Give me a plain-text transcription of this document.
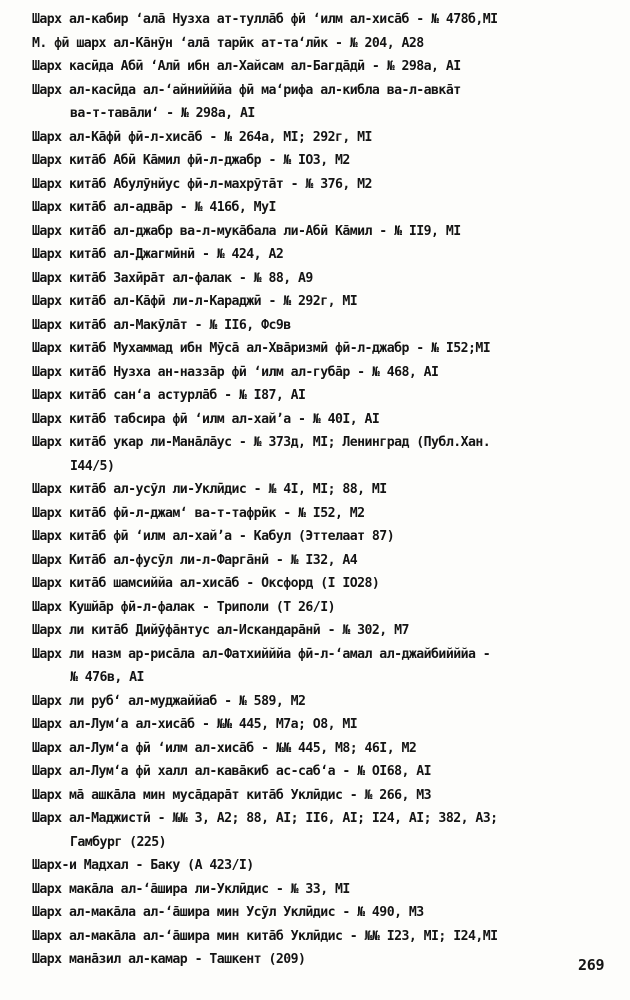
Шарх ал-кабир ʻалā Нузха ат-туллāб фӣ ʻилм ал-хисāб - № 478б,MI
М. фӣ шарх ал-Кāнӯн ʻалā тарӣк ат-таʻлӣк - № 204, А28
Шарх касӣда Абӣ ʻАлӣ ибн ал-Хайсам ал-Багдāдӣ - № 298а, AI
Шарх ал-касӣда ал-ʻайнийййа фӣ маʻрифа ал-кибла ва-л-авкāт
ва-т-тавāлиʻ - № 298а, AI
Шарх ал-Кāфӣ фӣ-л-хисāб - № 264а, MI; 292г, MI
Шарх китāб Абӣ Кāмил фӣ-л-джабр - № IO3, М2
Шарх китāб Абулӯнйус фӣ-л-махрӯтāт - № 376, М2
Шарх китāб ал-адвāр - № 416б, МуI
Шарх китāб ал-джабр ва-л-мукāбала ли-Абӣ Кāмил - № II9, MI
Шарх китāб ал-Джагмӣнӣ - № 424, А2
Шарх китāб Захӣрāт ал-фалак - № 88, А9
Шарх китāб ал-Кāфӣ ли-л-Караджӣ - № 292г, MI
Шарх китāб ал-Макӯлāт - № II6, Фс9в
Шарх китāб Мухаммад ибн Мӯсā ал-Хвāризмӣ фӣ-л-джабр - № I52;MI
Шарх китāб Нузха ан-наззāр фӣ ʻилм ал-губāр - № 468, AI
Шарх китāб санʻа астурлāб - № I87, AI
Шарх китāб табсира фӣ ʻилм ал-хайʼа - № 40I, AI
Шарх китāб укар ли-Манāлāус - № 373д, MI; Ленинград (Публ.Хан.
I44/5)
Шарх китāб ал-усӯл ли-Уклӣдис - № 4I, MI; 88, MI
Шарх китāб фӣ-л-джамʻ ва-т-тафрӣк - № I52, М2
Шарх китāб фӣ ʻилм ал-хайʼа - Кабул (Эттелаат 87)
Шарх Китāб ал-фусӯл ли-л-Фаргāнӣ - № I32, А4
Шарх китāб шамсиййа ал-хисāб - Оксфорд (I IO28)
Шарх Кушйāр фӣ-л-фалак - Триполи (Т 26/I)
Шарх ли китāб Дийӯфāнтус ал-Искандарāнӣ - № 302, М7
Шарх ли назм ар-рисāла ал-Фатхийййа фӣ-л-ʻамал ал-джайбийййа -
№ 476в, AI
Шарх ли рубʻ ал-муджаййаб - № 589, М2
Шарх ал-Лумʻа ал-хисāб - №№ 445, М7а; О8, MI
Шарх ал-Лумʻа фӣ ʻилм ал-хисāб - №№ 445, М8; 46I, М2
Шарх ал-Лумʻа фӣ халл ал-кавāкиб ас-сабʻа - № OI68, AI
Шарх мā ашкāла мин мусāдарāт китāб Уклӣдис - № 266, М3
Шарх ал-Маджистӣ - №№ 3, А2; 88, AI; II6, AI; I24, AI; 382, А3;
Гамбург (225)
Шарх-и Мадхал - Баку (А 423/I)
Шарх макāла ал-ʻāшира ли-Уклӣдис - № 33, MI
Шарх ал-макāла ал-ʻāшира мин Усӯл Уклӣдис - № 490, М3
Шарх ал-макāла ал-ʻāшира мин китāб Уклӣдис - №№ I23, MI; I24,MI
Шарх манāзил ал-камар - Ташкент (209)	269
